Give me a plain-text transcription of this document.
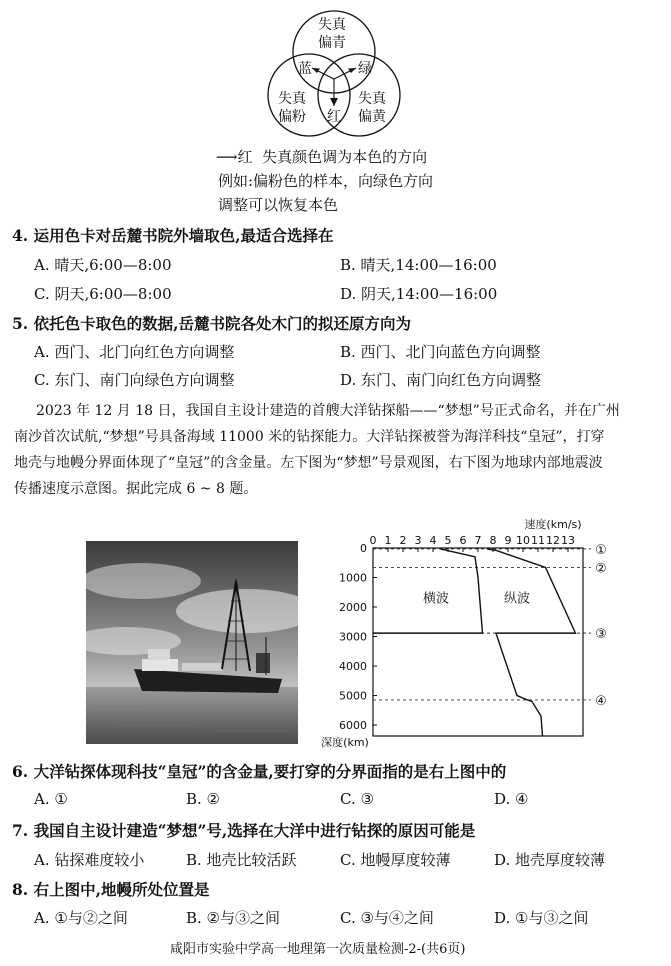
失真
偏青
失真
偏粉
失真
偏黄
蓝	绿
红
⟶红 失真颜色调为本色的方向
例如:偏粉色的样本，向绿色方向
调整可以恢复本色
4. 运用色卡对岳麓书院外墙取色,最适合选择在
A. 晴天,6:00—8:00	B. 晴天,14:00—16:00
C. 阴天,6:00—8:00	D. 阴天,14:00—16:00
5. 依托色卡取色的数据,岳麓书院各处木门的拟还原方向为
A. 西门、北门向红色方向调整	B. 西门、北门向蓝色方向调整
C. 东门、南门向绿色方向调整	D. 东门、南门向红色方向调整
2023 年 12 月 18 日，我国自主设计建造的首艘大洋钻探船——“梦想”号正式命名，并在广州
南沙首次试航,“梦想”号具备海域 11000 米的钻探能力。大洋钻探被誉为海洋科技“皇冠”，打穿
地壳与地幔分界面体现了“皇冠”的含金量。左下图为“梦想”号景观图，右下图为地球内部地震波
传播速度示意图。据此完成 6 ~ 8 题。
0 1 2 3 4 5 6 7 8 9 10 11 12 13
0
1000
2000
3000
4000
5000
6000
速度(km/s)
深度(km)
①
②
③
④
横波	纵波
6. 大洋钻探体现科技“皇冠”的含金量,要打穿的分界面指的是右上图中的
A. ①	B. ②	C. ③	D. ④
7. 我国自主设计建造“梦想”号,选择在大洋中进行钻探的原因可能是
A. 钻探难度较小	B. 地壳比较活跃	C. 地幔厚度较薄	D. 地壳厚度较薄
8. 右上图中,地幔所处位置是
A. ①与②之间	B. ②与③之间	C. ③与④之间	D. ①与③之间
咸阳市实验中学高一地理第一次质量检测-2-(共6页)
